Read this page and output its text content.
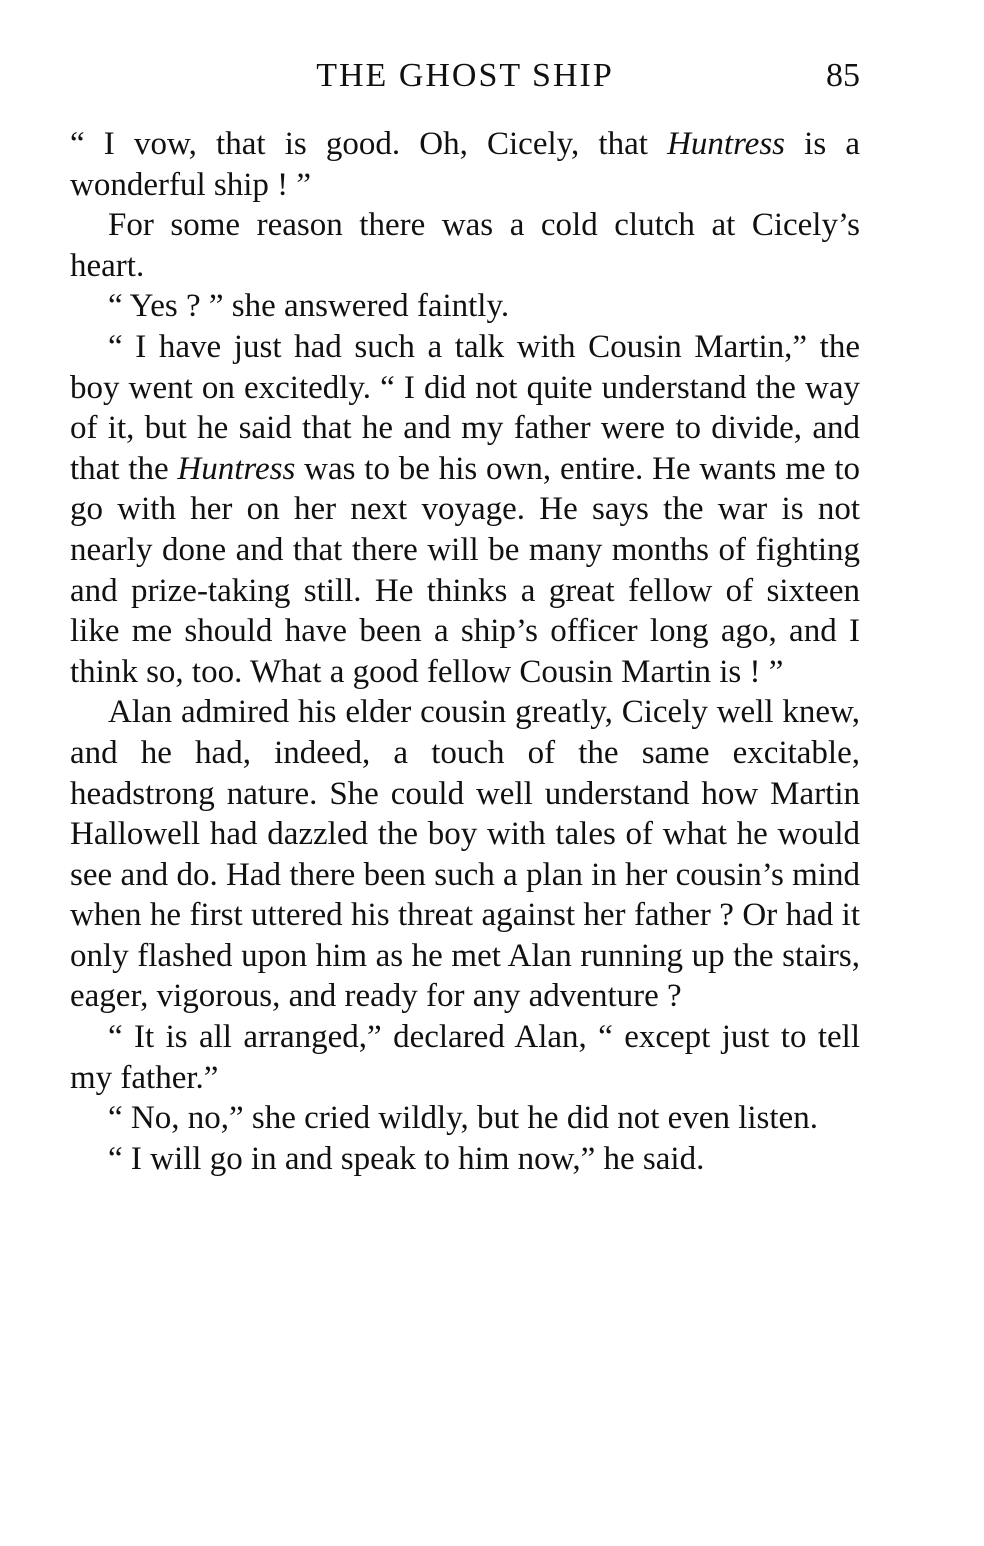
THE GHOST SHIP	85

“ I vow, that is good. Oh, Cicely, that Huntress is a wonderful ship ! ”

For some reason there was a cold clutch at Cicely’s heart.

“ Yes ? ” she answered faintly.

“ I have just had such a talk with Cousin Martin,” the boy went on excitedly. “ I did not quite understand the way of it, but he said that he and my father were to divide, and that the Huntress was to be his own, entire. He wants me to go with her on her next voyage. He says the war is not nearly done and that there will be many months of fighting and prize-taking still. He thinks a great fellow of sixteen like me should have been a ship’s officer long ago, and I think so, too. What a good fellow Cousin Martin is ! ”

Alan admired his elder cousin greatly, Cicely well knew, and he had, indeed, a touch of the same excitable, headstrong nature. She could well understand how Martin Hallowell had dazzled the boy with tales of what he would see and do. Had there been such a plan in her cousin’s mind when he first uttered his threat against her father ? Or had it only flashed upon him as he met Alan running up the stairs, eager, vigorous, and ready for any adventure ?

“ It is all arranged,” declared Alan, “ except just to tell my father.”

“ No, no,” she cried wildly, but he did not even listen.

“ I will go in and speak to him now,” he said.
